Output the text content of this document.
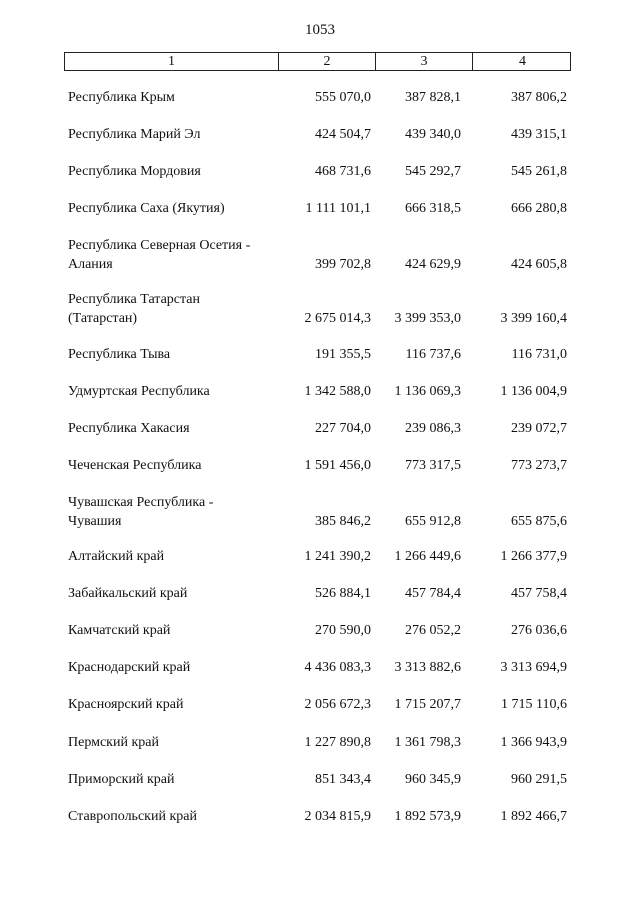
1053
1	2	3	4
Республика Крым	555 070,0 387 828,1	387 806,2
Республика Марий Эл	424 504,7 439 340,0	439 315,1
Республика Мордовия	468 731,6 545 292,7	545 261,8
Республика Саха (Якутия)	1 111 101,1 666 318,5	666 280,8
Республика Северная Осетия -
Алания	399 702,8 424 629,9	424 605,8
Республика Татарстан
(Татарстан)	2 675 014,3 3 399 353,0	3 399 160,4
Республика Тыва	191 355,5 116 737,6	116 731,0
Удмуртская Республика	1 342 588,0 1 136 069,3	1 136 004,9
Республика Хакасия	227 704,0 239 086,3	239 072,7
Чеченская Республика	1 591 456,0 773 317,5	773 273,7
Чувашская Республика -
Чувашия	385 846,2 655 912,8	655 875,6
Алтайский край	1 241 390,2 1 266 449,6	1 266 377,9
Забайкальский край	526 884,1 457 784,4	457 758,4
Камчатский край	270 590,0 276 052,2	276 036,6
Краснодарский край	4 436 083,3 3 313 882,6	3 313 694,9
Красноярский край	2 056 672,3 1 715 207,7	1 715 110,6
Пермский край	1 227 890,8 1 361 798,3	1 366 943,9
Приморский край	851 343,4 960 345,9	960 291,5
Ставропольский край	2 034 815,9 1 892 573,9	1 892 466,7
